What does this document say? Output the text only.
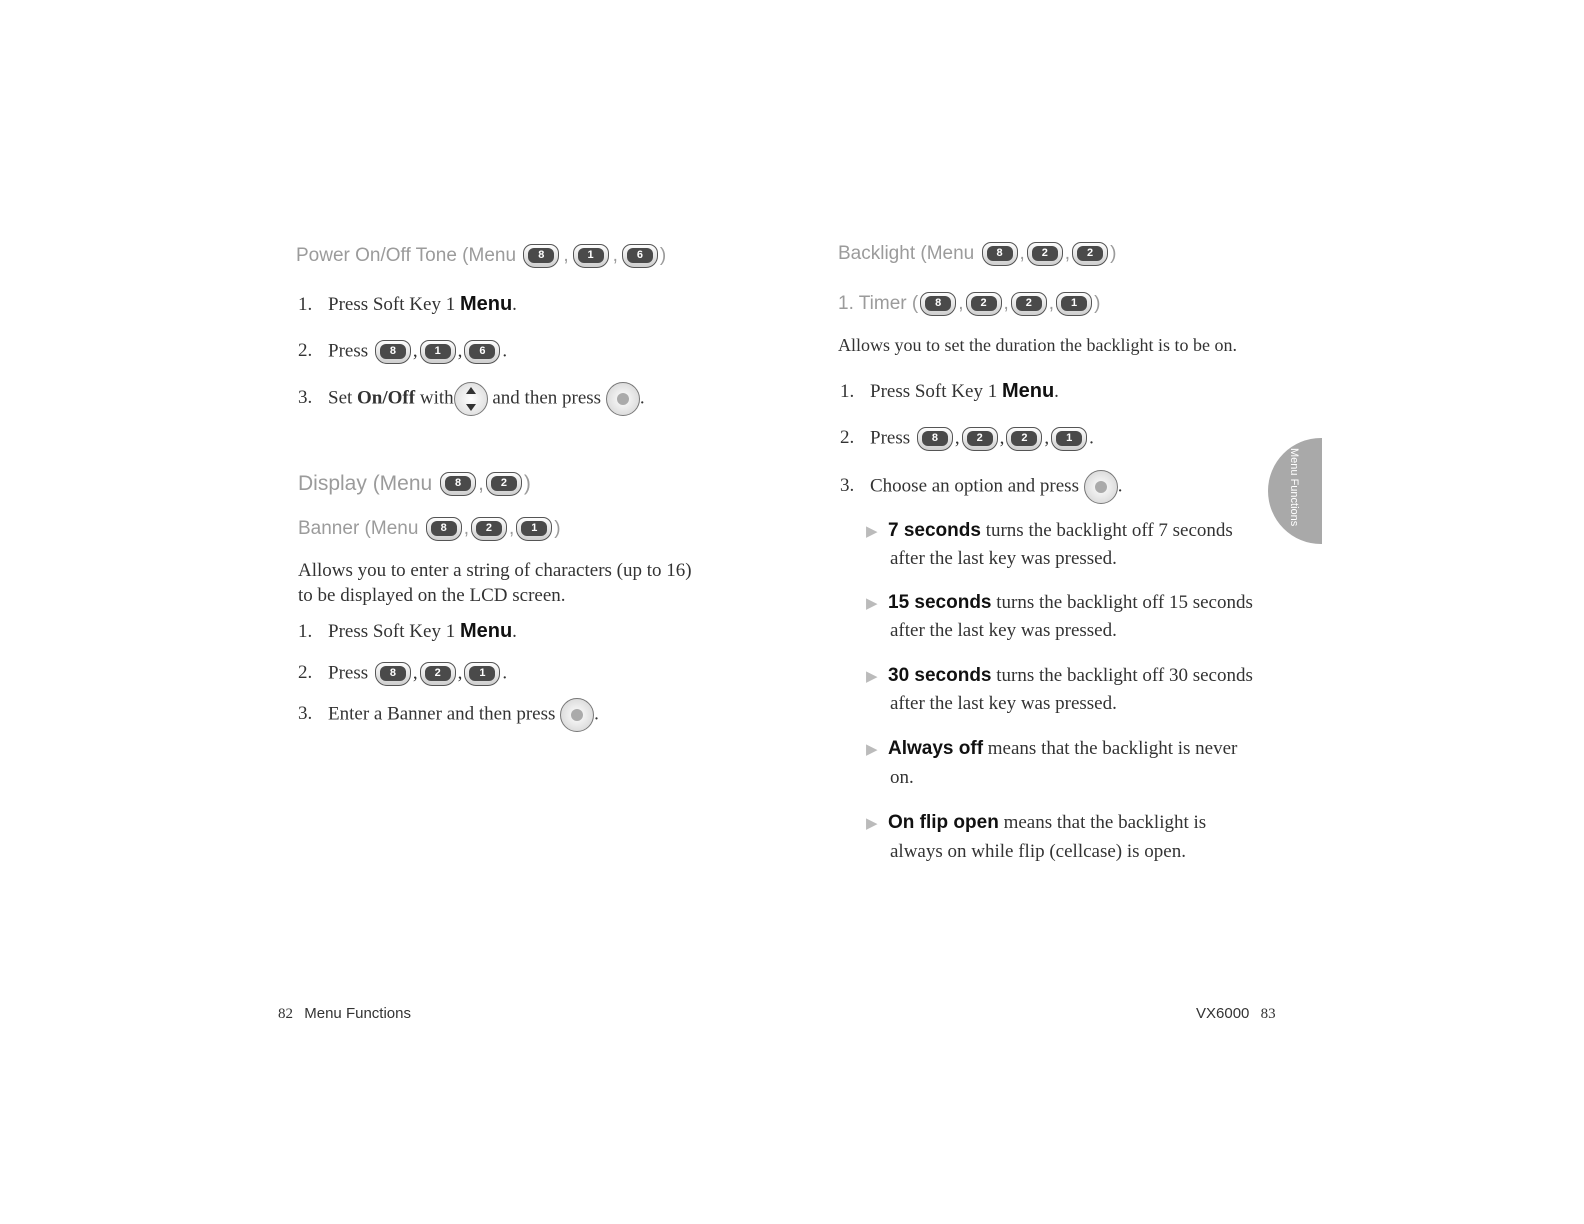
Power On/Off Tone (Menu	8 ,	1 ,	6 )
1. Press Soft Key 1 Menu.
2. Press	8 ,	1 ,	6 .
3. Set On/Off with and then press .
Display (Menu	8 ,	2 )
Banner (Menu	8 ,	2 ,	1 )
Allows you to enter a string of characters (up to 16)
to be displayed on the LCD screen.
1. Press Soft Key 1 Menu.
2. Press	8 ,	2 ,	1 .
3. Enter a Banner and then press .
Backlight (Menu	8 ,	2 ,	2 )
1. Timer (	8 ,	2 ,	2 ,	1 )
Allows you to set the duration the backlight is to be on.
1. Press Soft Key 1 Menu.
2. Press	8 ,	2 ,	2 ,	1 .
3. Choose an option and press .
▶ 7 seconds turns the backlight off 7 seconds
after the last key was pressed.
▶ 15 seconds turns the backlight off 15 seconds
after the last key was pressed.
▶ 30 seconds turns the backlight off 30 seconds
after the last key was pressed.
▶ Always off means that the backlight is never
on.
▶ On flip open means that the backlight is
always on while flip (cellcase) is open.
Menu Functions
82 Menu Functions	VX6000 83
